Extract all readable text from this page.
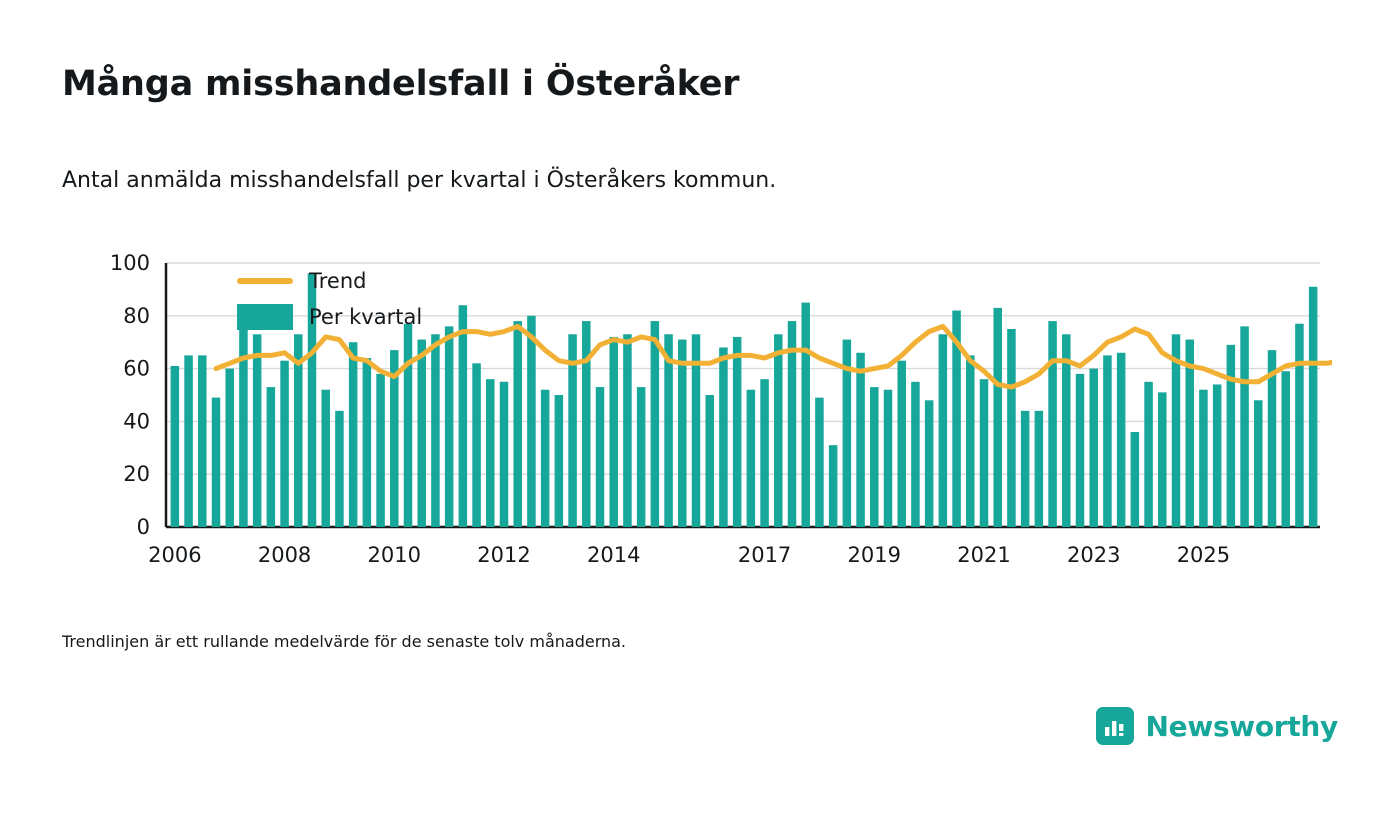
Många misshandelsfall i Österåker
Antal anmälda misshandelsfall per kvartal i Österåkers kommun.
0
20
40
60
80
100
2006	2008	2010	2012	2014	2017	2019	2021	2023	2025
Trend
Per kvartal
Trendlinjen är ett rullande medelvärde för de senaste tolv månaderna.
Newsworthy
